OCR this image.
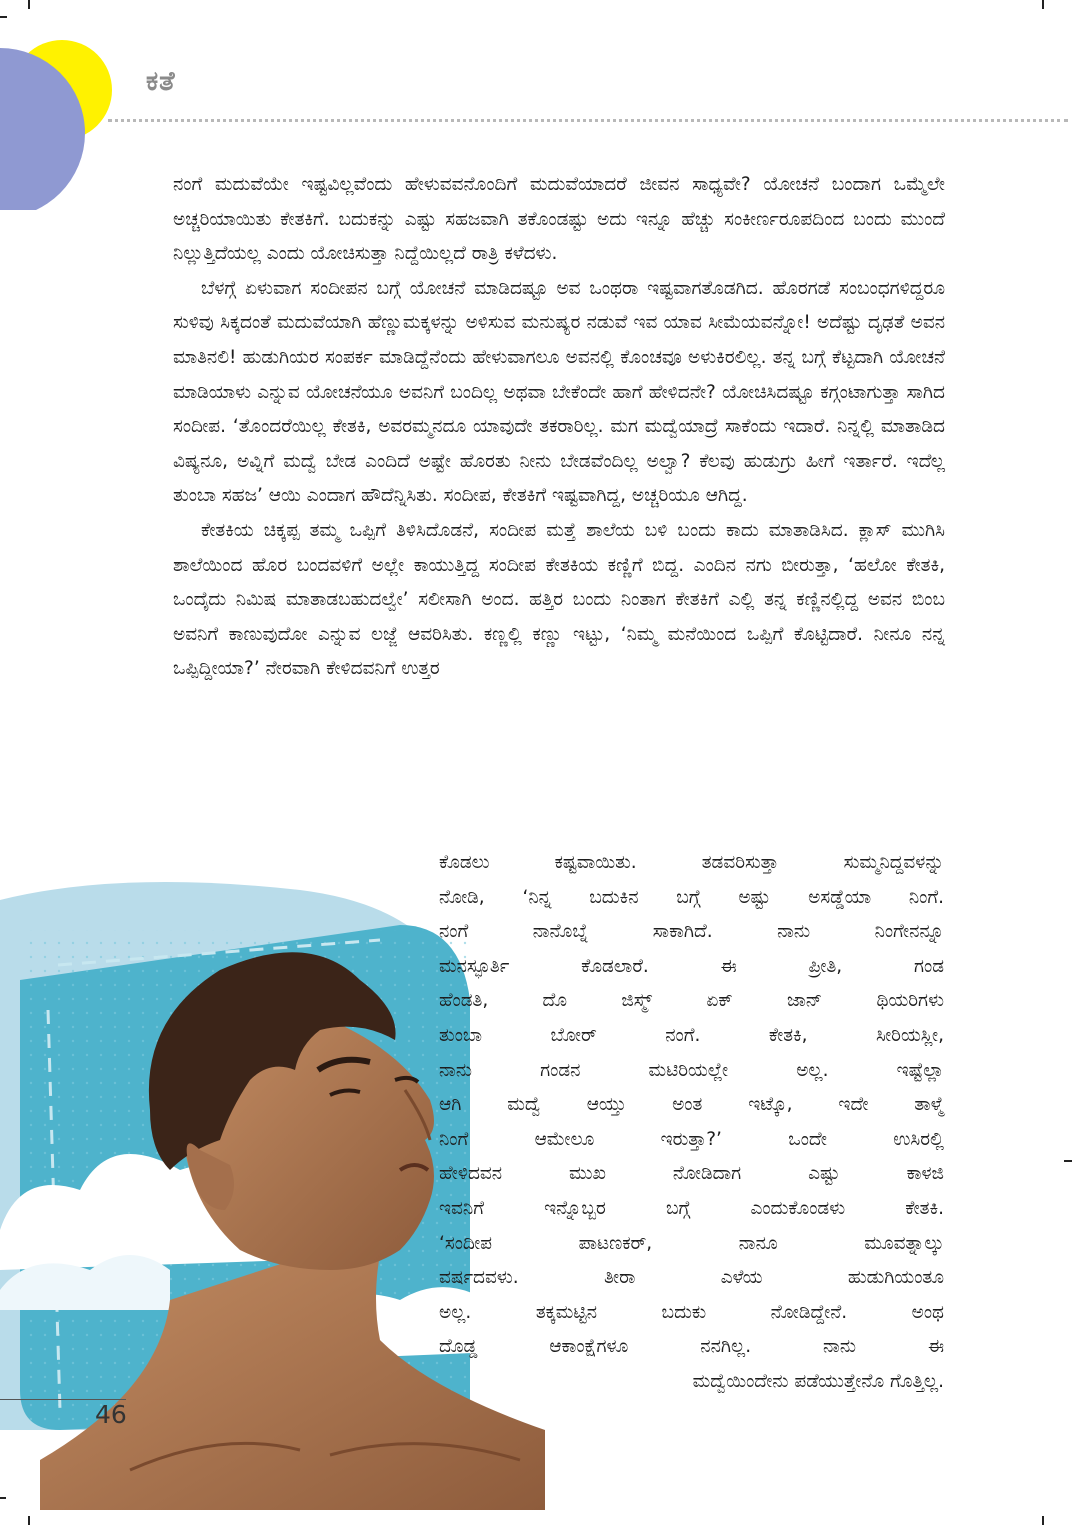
ಕತೆ

ನಂಗೆ ಮದುವೆಯೇ ಇಷ್ಟವಿಲ್ಲವೆಂದು ಹೇಳುವವನೊಂದಿಗೆ ಮದುವೆಯಾದರೆ ಜೀವನ ಸಾಧ್ಯವೇ? ಯೋಚನೆ ಬಂದಾಗ ಒಮ್ಮೆಲೇ ಅಚ್ಚರಿಯಾಯಿತು ಕೇತಕಿಗೆ. ಬದುಕನ್ನು ಎಷ್ಟು ಸಹಜವಾಗಿ ತಕೊಂಡಷ್ಟು ಅದು ಇನ್ನೂ ಹೆಚ್ಚು ಸಂಕೀರ್ಣರೂಪದಿಂದ ಬಂದು ಮುಂದೆ ನಿಲ್ಲುತ್ತಿದೆಯಲ್ಲ ಎಂದು ಯೋಚಿಸುತ್ತಾ ನಿದ್ದೆಯಿಲ್ಲದೆ ರಾತ್ರಿ ಕಳೆದಳು.

ಬೆಳಗ್ಗೆ ಏಳುವಾಗ ಸಂದೀಪನ ಬಗ್ಗೆ ಯೋಚನೆ ಮಾಡಿದಷ್ಟೂ ಅವ ಒಂಥರಾ ಇಷ್ಟವಾಗತೊಡಗಿದ. ಹೊರಗಡೆ ಸಂಬಂಧಗಳಿದ್ದರೂ ಸುಳಿವು ಸಿಕ್ಕದಂತೆ ಮದುವೆಯಾಗಿ ಹೆಣ್ಣುಮಕ್ಕಳನ್ನು ಅಳಿಸುವ ಮನುಷ್ಯರ ನಡುವೆ ಇವ ಯಾವ ಸೀಮೆಯವನ್ನೋ! ಅದೆಷ್ಟು ದೃಢತೆ ಅವನ ಮಾತಿನಲಿ! ಹುಡುಗಿಯರ ಸಂಪರ್ಕ ಮಾಡಿದ್ದೆನೆಂದು ಹೇಳುವಾಗಲೂ ಅವನಲ್ಲಿ ಕೊಂಚವೂ ಅಳುಕಿರಲಿಲ್ಲ. ತನ್ನ ಬಗ್ಗೆ ಕೆಟ್ಟದಾಗಿ ಯೋಚನೆ ಮಾಡಿಯಾಳು ಎನ್ನುವ ಯೋಚನೆಯೂ ಅವನಿಗೆ ಬಂದಿಲ್ಲ ಅಥವಾ ಬೇಕೆಂದೇ ಹಾಗೆ ಹೇಳಿದನೇ? ಯೋಚಿಸಿದಷ್ಟೂ ಕಗ್ಗಂಟಾಗುತ್ತಾ ಸಾಗಿದ ಸಂದೀಪ. ‘ತೊಂದರೆಯಿಲ್ಲ ಕೇತಕಿ, ಅವರಮ್ಮನದೂ ಯಾವುದೇ ತಕರಾರಿಲ್ಲ. ಮಗ ಮದ್ವೆಯಾದ್ರೆ ಸಾಕೆಂದು ಇದಾರೆ. ನಿನ್ನಲ್ಲಿ ಮಾತಾಡಿದ ವಿಷ್ಯನೂ, ಅವ್ನಿಗೆ ಮದ್ವೆ ಬೇಡ ಎಂದಿದೆ ಅಷ್ಟೇ ಹೊರತು ನೀನು ಬೇಡವೆಂದಿಲ್ಲ ಅಲ್ವಾ? ಕೆಲವು ಹುಡುಗ್ರು ಹೀಗೆ ಇರ್ತಾರೆ. ಇದೆಲ್ಲ ತುಂಬಾ ಸಹಜ’ ಆಯಿ ಎಂದಾಗ ಹೌದೆನ್ನಿಸಿತು. ಸಂದೀಪ, ಕೇತಕಿಗೆ ಇಷ್ಟವಾಗಿದ್ದ, ಅಚ್ಚರಿಯೂ ಆಗಿದ್ದ.

ಕೇತಕಿಯ ಚಿಕ್ಕಪ್ಪ ತಮ್ಮ ಒಪ್ಪಿಗೆ ತಿಳಿಸಿದೊಡನೆ, ಸಂದೀಪ ಮತ್ತೆ ಶಾಲೆಯ ಬಳಿ ಬಂದು ಕಾದು ಮಾತಾಡಿಸಿದ. ಕ್ಲಾಸ್ ಮುಗಿಸಿ ಶಾಲೆಯಿಂದ ಹೊರ ಬಂದವಳಿಗೆ ಅಲ್ಲೇ ಕಾಯುತ್ತಿದ್ದ ಸಂದೀಪ ಕೇತಕಿಯ ಕಣ್ಣಿಗೆ ಬಿದ್ದ. ಎಂದಿನ ನಗು ಬೀರುತ್ತಾ, ‘ಹಲೋ ಕೇತಕಿ, ಒಂದೈದು ನಿಮಿಷ ಮಾತಾಡಬಹುದಲ್ವೇ’ ಸಲೀಸಾಗಿ ಅಂದ. ಹತ್ತಿರ ಬಂದು ನಿಂತಾಗ ಕೇತಕಿಗೆ ಎಲ್ಲಿ ತನ್ನ ಕಣ್ಣಿನಲ್ಲಿದ್ದ ಅವನ ಬಿಂಬ ಅವನಿಗೆ ಕಾಣುವುದೋ ಎನ್ನುವ ಲಜ್ಜೆ ಆವರಿಸಿತು. ಕಣ್ಣಲ್ಲಿ ಕಣ್ಣು ಇಟ್ಟು, ‘ನಿಮ್ಮ ಮನೆಯಿಂದ ಒಪ್ಪಿಗೆ ಕೊಟ್ಟಿದಾರೆ. ನೀನೂ ನನ್ನ ಒಪ್ಪಿದ್ದೀಯಾ?’ ನೇರವಾಗಿ ಕೇಳಿದವನಿಗೆ ಉತ್ತರ

ಕೊಡಲು ಕಷ್ಟವಾಯಿತು. ತಡವರಿಸುತ್ತಾ ಸುಮ್ಮನಿದ್ದವಳನ್ನು
ನೋಡಿ, ‘ನಿನ್ನ ಬದುಕಿನ ಬಗ್ಗೆ ಅಷ್ಟು ಅಸಡ್ಡೆಯಾ ನಿಂಗೆ.
ನಂಗೆ ನಾನೊಬ್ನೆ ಸಾಕಾಗಿದೆ. ನಾನು ನಿಂಗೇನನ್ನೂ
ಮನಸ್ಫೂರ್ತಿ ಕೊಡಲಾರೆ. ಈ ಪ್ರೀತಿ, ಗಂಡ
ಹೆಂಡತಿ, ದೊ ಜಿಸ್ಮ್ ಏಕ್ ಜಾನ್ ಥಿಯರಿಗಳು
ತುಂಬಾ ಬೋರ್ ನಂಗೆ. ಕೇತಕಿ, ಸೀರಿಯಸ್ಲೀ,
ನಾನು ಗಂಡನ ಮಟಿರಿಯಲ್ಲೇ ಅಲ್ಲ. ಇಷ್ಟೆಲ್ಲಾ
ಆಗಿ ಮದ್ವೆ ಆಯ್ತು ಅಂತ ಇಟ್ಕೊ, ಇದೇ ತಾಳ್ಮೆ
ನಿಂಗೆ ಆಮೇಲೂ ಇರುತ್ತಾ?’ ಒಂದೇ ಉಸಿರಲ್ಲಿ
ಹೇಳಿದವನ ಮುಖ ನೋಡಿದಾಗ ಎಷ್ಟು ಕಾಳಜಿ
ಇವನಿಗೆ ಇನ್ನೊಬ್ಬರ ಬಗ್ಗೆ ಎಂದುಕೊಂಡಳು ಕೇತಕಿ.
‘ಸಂದೀಪ ಪಾಟಣಕರ್, ನಾನೂ ಮೂವತ್ನಾಲ್ಕು
ವರ್ಷದವಳು. ತೀರಾ ಎಳೆಯ ಹುಡುಗಿಯಂತೂ
ಅಲ್ಲ. ತಕ್ಕಮಟ್ಟಿನ ಬದುಕು ನೋಡಿದ್ದೇನೆ. ಅಂಥ
ದೊಡ್ಡ ಆಕಾಂಕ್ಷೆಗಳೂ ನನಗಿಲ್ಲ. ನಾನು ಈ
ಮದ್ವೆಯಿಂದೇನು ಪಡೆಯುತ್ತೇನೊ ಗೊತ್ತಿಲ್ಲ.
46
